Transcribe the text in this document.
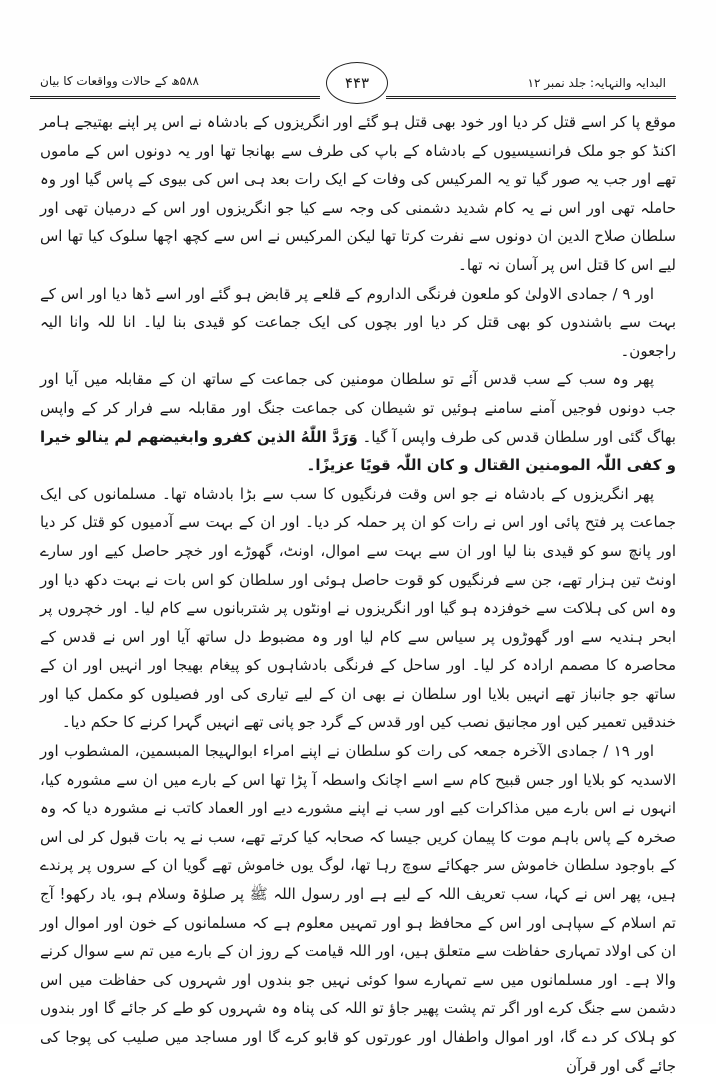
۵۸۸ھ کے حالات وواقعات کا بیان	۴۴۳	البدایہ والنہایہ: جلد نمبر ۱۲

موقع پا کر اسے قتل کر دیا اور خود بھی قتل ہو گئے اور انگریزوں کے بادشاہ نے اس پر اپنے بھتیجے ہامر اکنڈ کو جو ملک فرانسیسیوں کے بادشاہ کے باپ کی طرف سے بھانجا تھا اور یہ دونوں اس کے ماموں تھے اور جب یہ صور گیا تو یہ المرکیس کی وفات کے ایک رات بعد ہی اس کی بیوی کے پاس گیا اور وہ حاملہ تھی اور اس نے یہ کام شدید دشمنی کی وجہ سے کیا جو انگریزوں اور اس کے درمیان تھی اور سلطان صلاح الدین ان دونوں سے نفرت کرتا تھا لیکن المرکیس نے اس سے کچھ اچھا سلوک کیا تھا اس لیے اس کا قتل اس پر آسان نہ تھا۔

اور ۹ / جمادی الاولیٰ کو ملعون فرنگی الداروم کے قلعے پر قابض ہو گئے اور اسے ڈھا دیا اور اس کے بہت سے باشندوں کو بھی قتل کر دیا اور بچوں کی ایک جماعت کو قیدی بنا لیا۔ انا للہ وانا الیہ راجعون۔

پھر وہ سب کے سب قدس آئے تو سلطان مومنین کی جماعت کے ساتھ ان کے مقابلہ میں آیا اور جب دونوں فوجیں آمنے سامنے ہوئیں تو شیطان کی جماعت جنگ اور مقابلہ سے فرار کر کے واپس بھاگ گئی اور سلطان قدس کی طرف واپس آ گیا۔ وَرَدَّ اللّٰهُ الذین کفرو وابغیضھم لم ینالو خیرا و کفی اللّٰہ المومنین القتال و کان اللّٰہ قویًا عزیزًا۔

پھر انگریزوں کے بادشاہ نے جو اس وقت فرنگیوں کا سب سے بڑا بادشاہ تھا۔ مسلمانوں کی ایک جماعت پر فتح پائی اور اس نے رات کو ان پر حملہ کر دیا۔ اور ان کے بہت سے آدمیوں کو قتل کر دیا اور پانچ سو کو قیدی بنا لیا اور ان سے بہت سے اموال، اونٹ، گھوڑے اور خچر حاصل کیے اور سارے اونٹ تین ہزار تھے، جن سے فرنگیوں کو قوت حاصل ہوئی اور سلطان کو اس بات نے بہت دکھ دیا اور وہ اس کی ہلاکت سے خوفزدہ ہو گیا اور انگریزوں نے اونٹوں پر شتربانوں سے کام لیا۔ اور خچروں پر ابحر ہندیہ سے اور گھوڑوں پر سیاس سے کام لیا اور وہ مضبوط دل ساتھ آیا اور اس نے قدس کے محاصرہ کا مصمم ارادہ کر لیا۔ اور ساحل کے فرنگی بادشاہوں کو پیغام بھیجا اور انہیں اور ان کے ساتھ جو جانباز تھے انہیں بلایا اور سلطان نے بھی ان کے لیے تیاری کی اور فصیلوں کو مکمل کیا اور خندقیں تعمیر کیں اور مجانیق نصب کیں اور قدس کے گرد جو پانی تھے انہیں گہرا کرنے کا حکم دیا۔

اور ۱۹ / جمادی الآخرہ جمعہ کی رات کو سلطان نے اپنے امراء ابوالہیجا المبسمین، المشطوب اور الاسدیہ کو بلایا اور جس قبیح کام سے اسے اچانک واسطہ آ پڑا تھا اس کے بارے میں ان سے مشورہ کیا، انہوں نے اس بارے میں مذاکرات کیے اور سب نے اپنے مشورے دیے اور العماد کاتب نے مشورہ دیا کہ وہ صخرہ کے پاس باہم موت کا پیمان کریں جیسا کہ صحابہ کیا کرتے تھے، سب نے یہ بات قبول کر لی اس کے باوجود سلطان خاموش سر جھکائے سوچ رہا تھا، لوگ یوں خاموش تھے گویا ان کے سروں پر پرندے ہیں، پھر اس نے کہا، سب تعریف اللہ کے لیے ہے اور رسول اللہ ﷺ پر صلوٰۃ وسلام ہو، یاد رکھو! آج تم اسلام کے سپاہی اور اس کے محافظ ہو اور تمہیں معلوم ہے کہ مسلمانوں کے خون اور اموال اور ان کی اولاد تمہاری حفاظت سے متعلق ہیں، اور اللہ قیامت کے روز ان کے بارے میں تم سے سوال کرنے والا ہے۔ اور مسلمانوں میں سے تمہارے سوا کوئی نہیں جو بندوں اور شہروں کی حفاظت میں اس دشمن سے جنگ کرے اور اگر تم پشت پھیر جاؤ تو اللہ کی پناہ وہ شہروں کو طے کر جائے گا اور بندوں کو ہلاک کر دے گا، اور اموال واطفال اور عورتوں کو قابو کرے گا اور مساجد میں صلیب کی پوجا کی جائے گی اور قرآن
